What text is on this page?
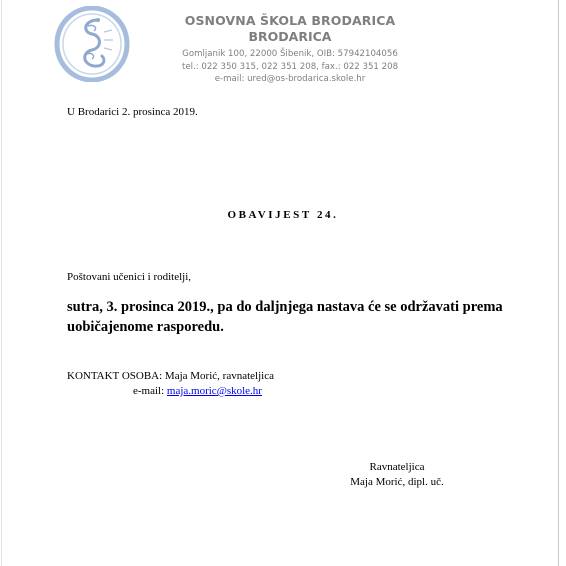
OSNOVNA ŠKOLA BRODARICA
BRODARICA
Gomljanik 100, 22000 Šibenik, OIB: 57942104056
tel.: 022 350 315, 022 351 208, fax.: 022 351 208
e-mail: ured@os-brodarica.skole.hr
U Brodarici 2. prosinca 2019.
OBAVIJEST 24.
Poštovani učenici i roditelji,
sutra, 3. prosinca 2019., pa do daljnjega nastava će se održavati prema uobičajenome rasporedu.
KONTAKT OSOBA: Maja Morić, ravnateljica
e-mail: maja.moric@skole.hr
Ravnateljica
Maja Morić, dipl. uč.
